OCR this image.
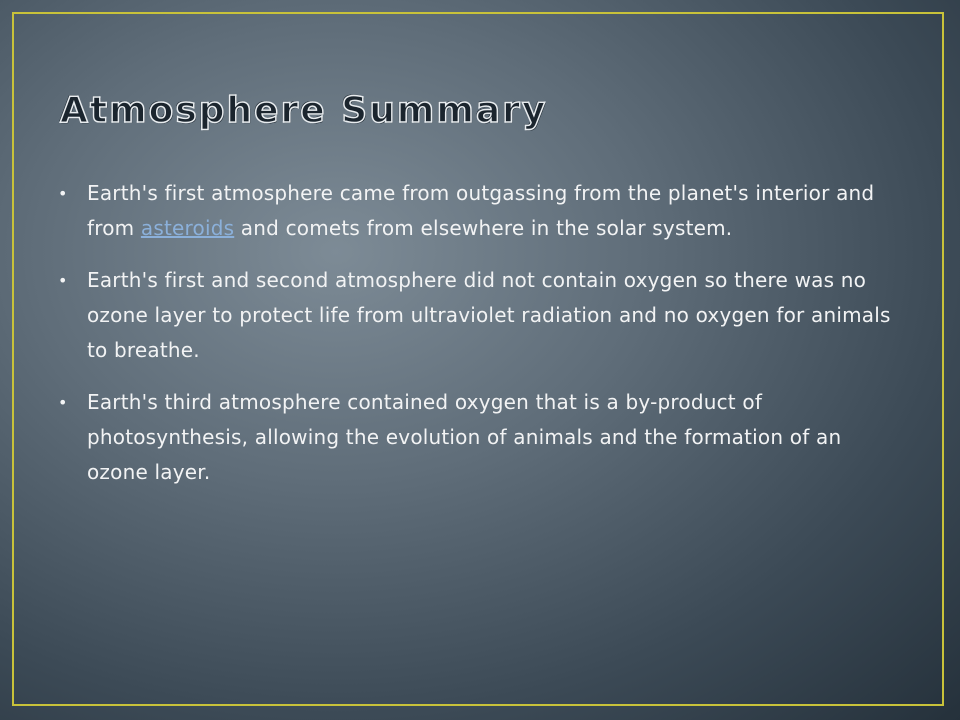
Atmosphere Summary
• Earth's first atmosphere came from outgassing from the planet's interior and from asteroids and comets from elsewhere in the solar system.
• Earth's first and second atmosphere did not contain oxygen so there was no ozone layer to protect life from ultraviolet radiation and no oxygen for animals to breathe.
• Earth's third atmosphere contained oxygen that is a by-product of photosynthesis, allowing the evolution of animals and the formation of an ozone layer.
